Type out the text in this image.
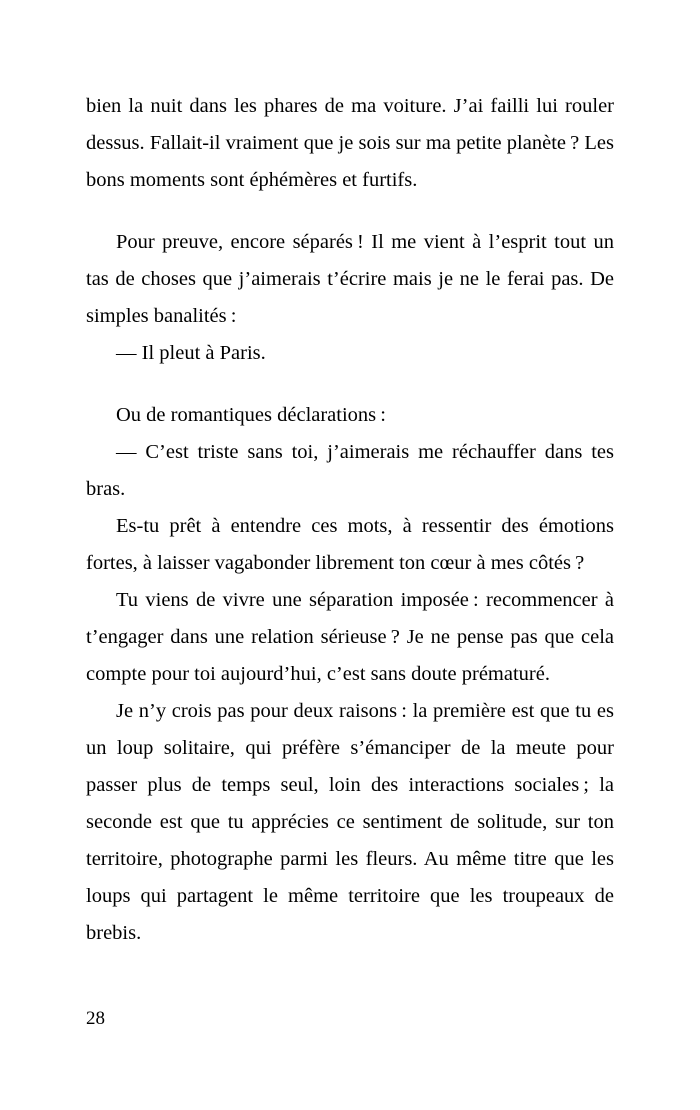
bien la nuit dans les phares de ma voiture. J’ai failli lui rouler dessus. Fallait-il vraiment que je sois sur ma petite planète ? Les bons moments sont éphémères et furtifs.

Pour preuve, encore séparés ! Il me vient à l’esprit tout un tas de choses que j’aimerais t’écrire mais je ne le ferai pas. De simples banalités :

— Il pleut à Paris.

Ou de romantiques déclarations :

— C’est triste sans toi, j’aimerais me réchauffer dans tes bras.

Es-tu prêt à entendre ces mots, à ressentir des émotions fortes, à laisser vagabonder librement ton cœur à mes côtés ?

Tu viens de vivre une séparation imposée : recommencer à t’engager dans une relation sérieuse ? Je ne pense pas que cela compte pour toi aujourd’hui, c’est sans doute prématuré.

Je n’y crois pas pour deux raisons : la première est que tu es un loup solitaire, qui préfère s’émanciper de la meute pour passer plus de temps seul, loin des interactions sociales ; la seconde est que tu apprécies ce sentiment de solitude, sur ton territoire, photographe parmi les fleurs. Au même titre que les loups qui partagent le même territoire que les troupeaux de brebis.

28
